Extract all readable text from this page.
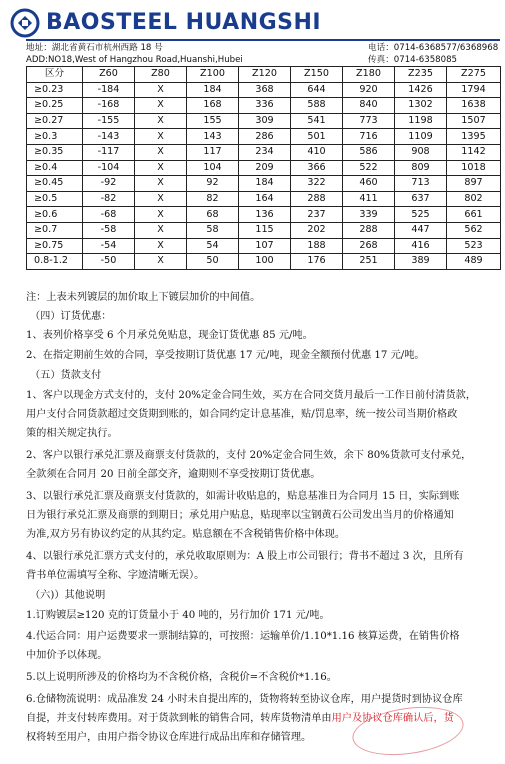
BAOSTEEL HUANGSHI
地址：湖北省黄石市杭州西路 18 号	电话：0714-6368577/6368968
ADD:NO18,West of Hangzhou Road,Huanshi,Hubei	传真：0714-6358085
区分	Z60	Z80	Z100	Z120	Z150	Z180	Z235	Z275
≥0.23	-184	X	184	368	644	920	1426	1794
≥0.25	-168	X	168	336	588	840	1302	1638
≥0.27	-155	X	155	309	541	773	1198	1507
≥0.3	-143	X	143	286	501	716	1109	1395
≥0.35	-117	X	117	234	410	586	908	1142
≥0.4	-104	X	104	209	366	522	809	1018
≥0.45	-92	X	92	184	322	460	713	897
≥0.5	-82	X	82	164	288	411	637	802
≥0.6	-68	X	68	136	237	339	525	661
≥0.7	-58	X	58	115	202	288	447	562
≥0.75	-54	X	54	107	188	268	416	523
0.8-1.2	-50	X	50	100	176	251	389	489
注：上表未列镀层的加价取上下镀层加价的中间值。
（四）订货优惠：
1、表列价格享受 6 个月承兑免贴息，现金订货优惠 85 元/吨。
2、在指定期前生效的合同，享受按期订货优惠 17 元/吨，现金全额预付优惠 17 元/吨。
（五）货款支付
1、客户以现金方式支付的，支付 20%定金合同生效，买方在合同交货月最后一工作日前付清货款，
用户支付合同货款超过交货期到账的，如合同约定计息基准，贴/罚息率，统一按公司当期价格政
策的相关规定执行。
2、客户以银行承兑汇票及商票支付货款的，支付 20%定金合同生效，余下 80%货款可支付承兑，
全款须在合同月 20 日前全部交齐，逾期则不享受按期订货优惠。
3、以银行承兑汇票及商票支付货款的，如需计收贴息的，贴息基准日为合同月 15 日，实际到账
日为银行承兑汇票及商票的到期日；承兑用户贴息，贴现率以宝钢黄石公司发出当月的价格通知
为准,双方另有协议约定的从其约定。贴息额在不含税销售价格中体现。
4、以银行承兑汇票方式支付的，承兑收取原则为：A 股上市公司银行；背书不超过 3 次，且所有
背书单位需填写全称、字迹清晰无误）。
（六)）其他说明
1.订购镀层≥120 克的订货量小于 40 吨的，另行加价 171 元/吨。
4.代运合同：用户运费要求一票制结算的，可按照：运输单价/1.10*1.16 核算运费，在销售价格
中加价予以体现。
5.以上说明所涉及的价格均为不含税价格，含税价=不含税价*1.16。
6.仓储物流说明：成品准发 24 小时未自提出库的，货物将转至协议仓库，用户提货时到协议仓库
自提，并支付转库费用。对于货款到帐的销售合同，转库货物清单由用户及协议仓库确认后，货
权将转至用户，由用户指令协议仓库进行成品出库和存储管理。
